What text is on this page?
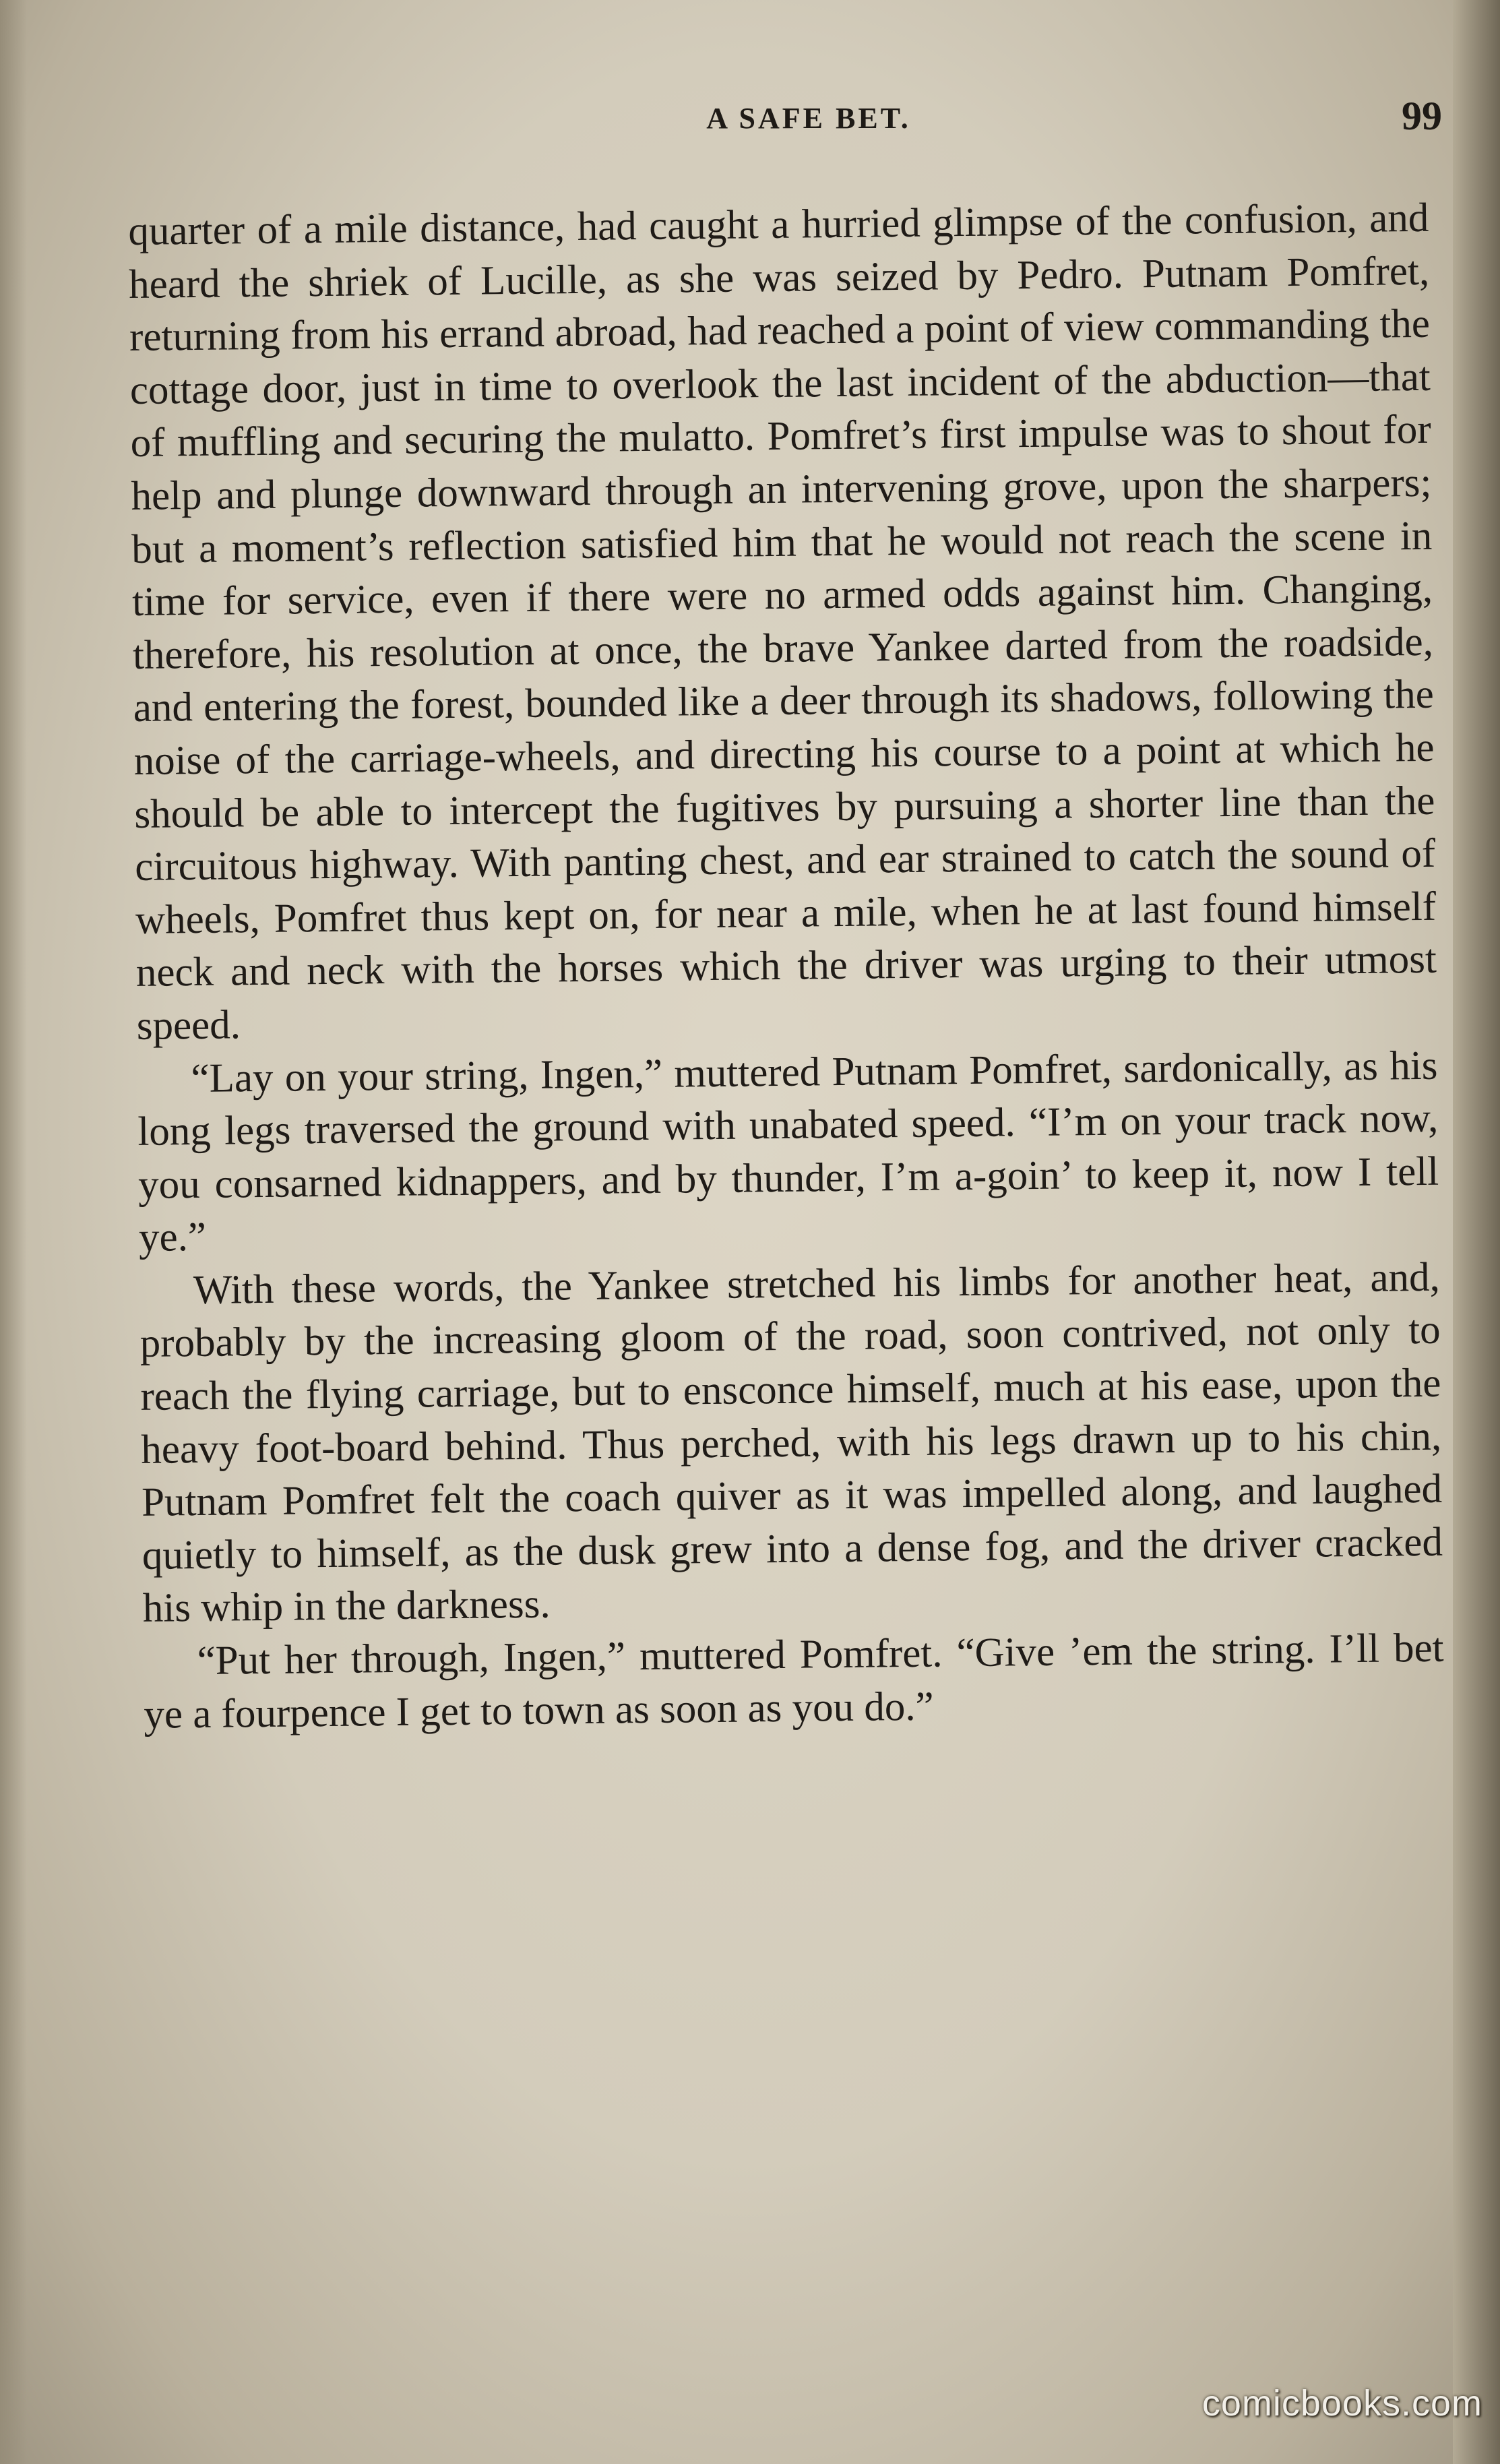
A SAFE BET.	99

quarter of a mile distance, had caught a hurried glimpse of the confusion, and heard the shriek of Lucille, as she was seized by Pedro. Putnam Pomfret, returning from his errand abroad, had reached a point of view commanding the cottage door, just in time to overlook the last incident of the abduction—that of muffling and securing the mulatto. Pomfret’s first impulse was to shout for help and plunge downward through an intervening grove, upon the sharpers; but a moment’s reflection satisfied him that he would not reach the scene in time for service, even if there were no armed odds against him. Changing, therefore, his resolution at once, the brave Yankee darted from the roadside, and entering the forest, bounded like a deer through its shadows, following the noise of the carriage-wheels, and directing his course to a point at which he should be able to intercept the fugitives by pursuing a shorter line than the circuitous highway. With panting chest, and ear strained to catch the sound of wheels, Pomfret thus kept on, for near a mile, when he at last found himself neck and neck with the horses which the driver was urging to their utmost speed.

“Lay on your string, Ingen,” muttered Putnam Pomfret, sardonically, as his long legs traversed the ground with unabated speed. “I’m on your track now, you consarned kidnappers, and by thunder, I’m a-goin’ to keep it, now I tell ye.”

With these words, the Yankee stretched his limbs for another heat, and, probably by the increasing gloom of the road, soon contrived, not only to reach the flying carriage, but to ensconce himself, much at his ease, upon the heavy foot-board behind. Thus perched, with his legs drawn up to his chin, Putnam Pomfret felt the coach quiver as it was impelled along, and laughed quietly to himself, as the dusk grew into a dense fog, and the driver cracked his whip in the darkness.

“Put her through, Ingen,” muttered Pomfret. “Give ’em the string. I’ll bet ye a fourpence I get to town as soon as you do.”

comicbooks.com
